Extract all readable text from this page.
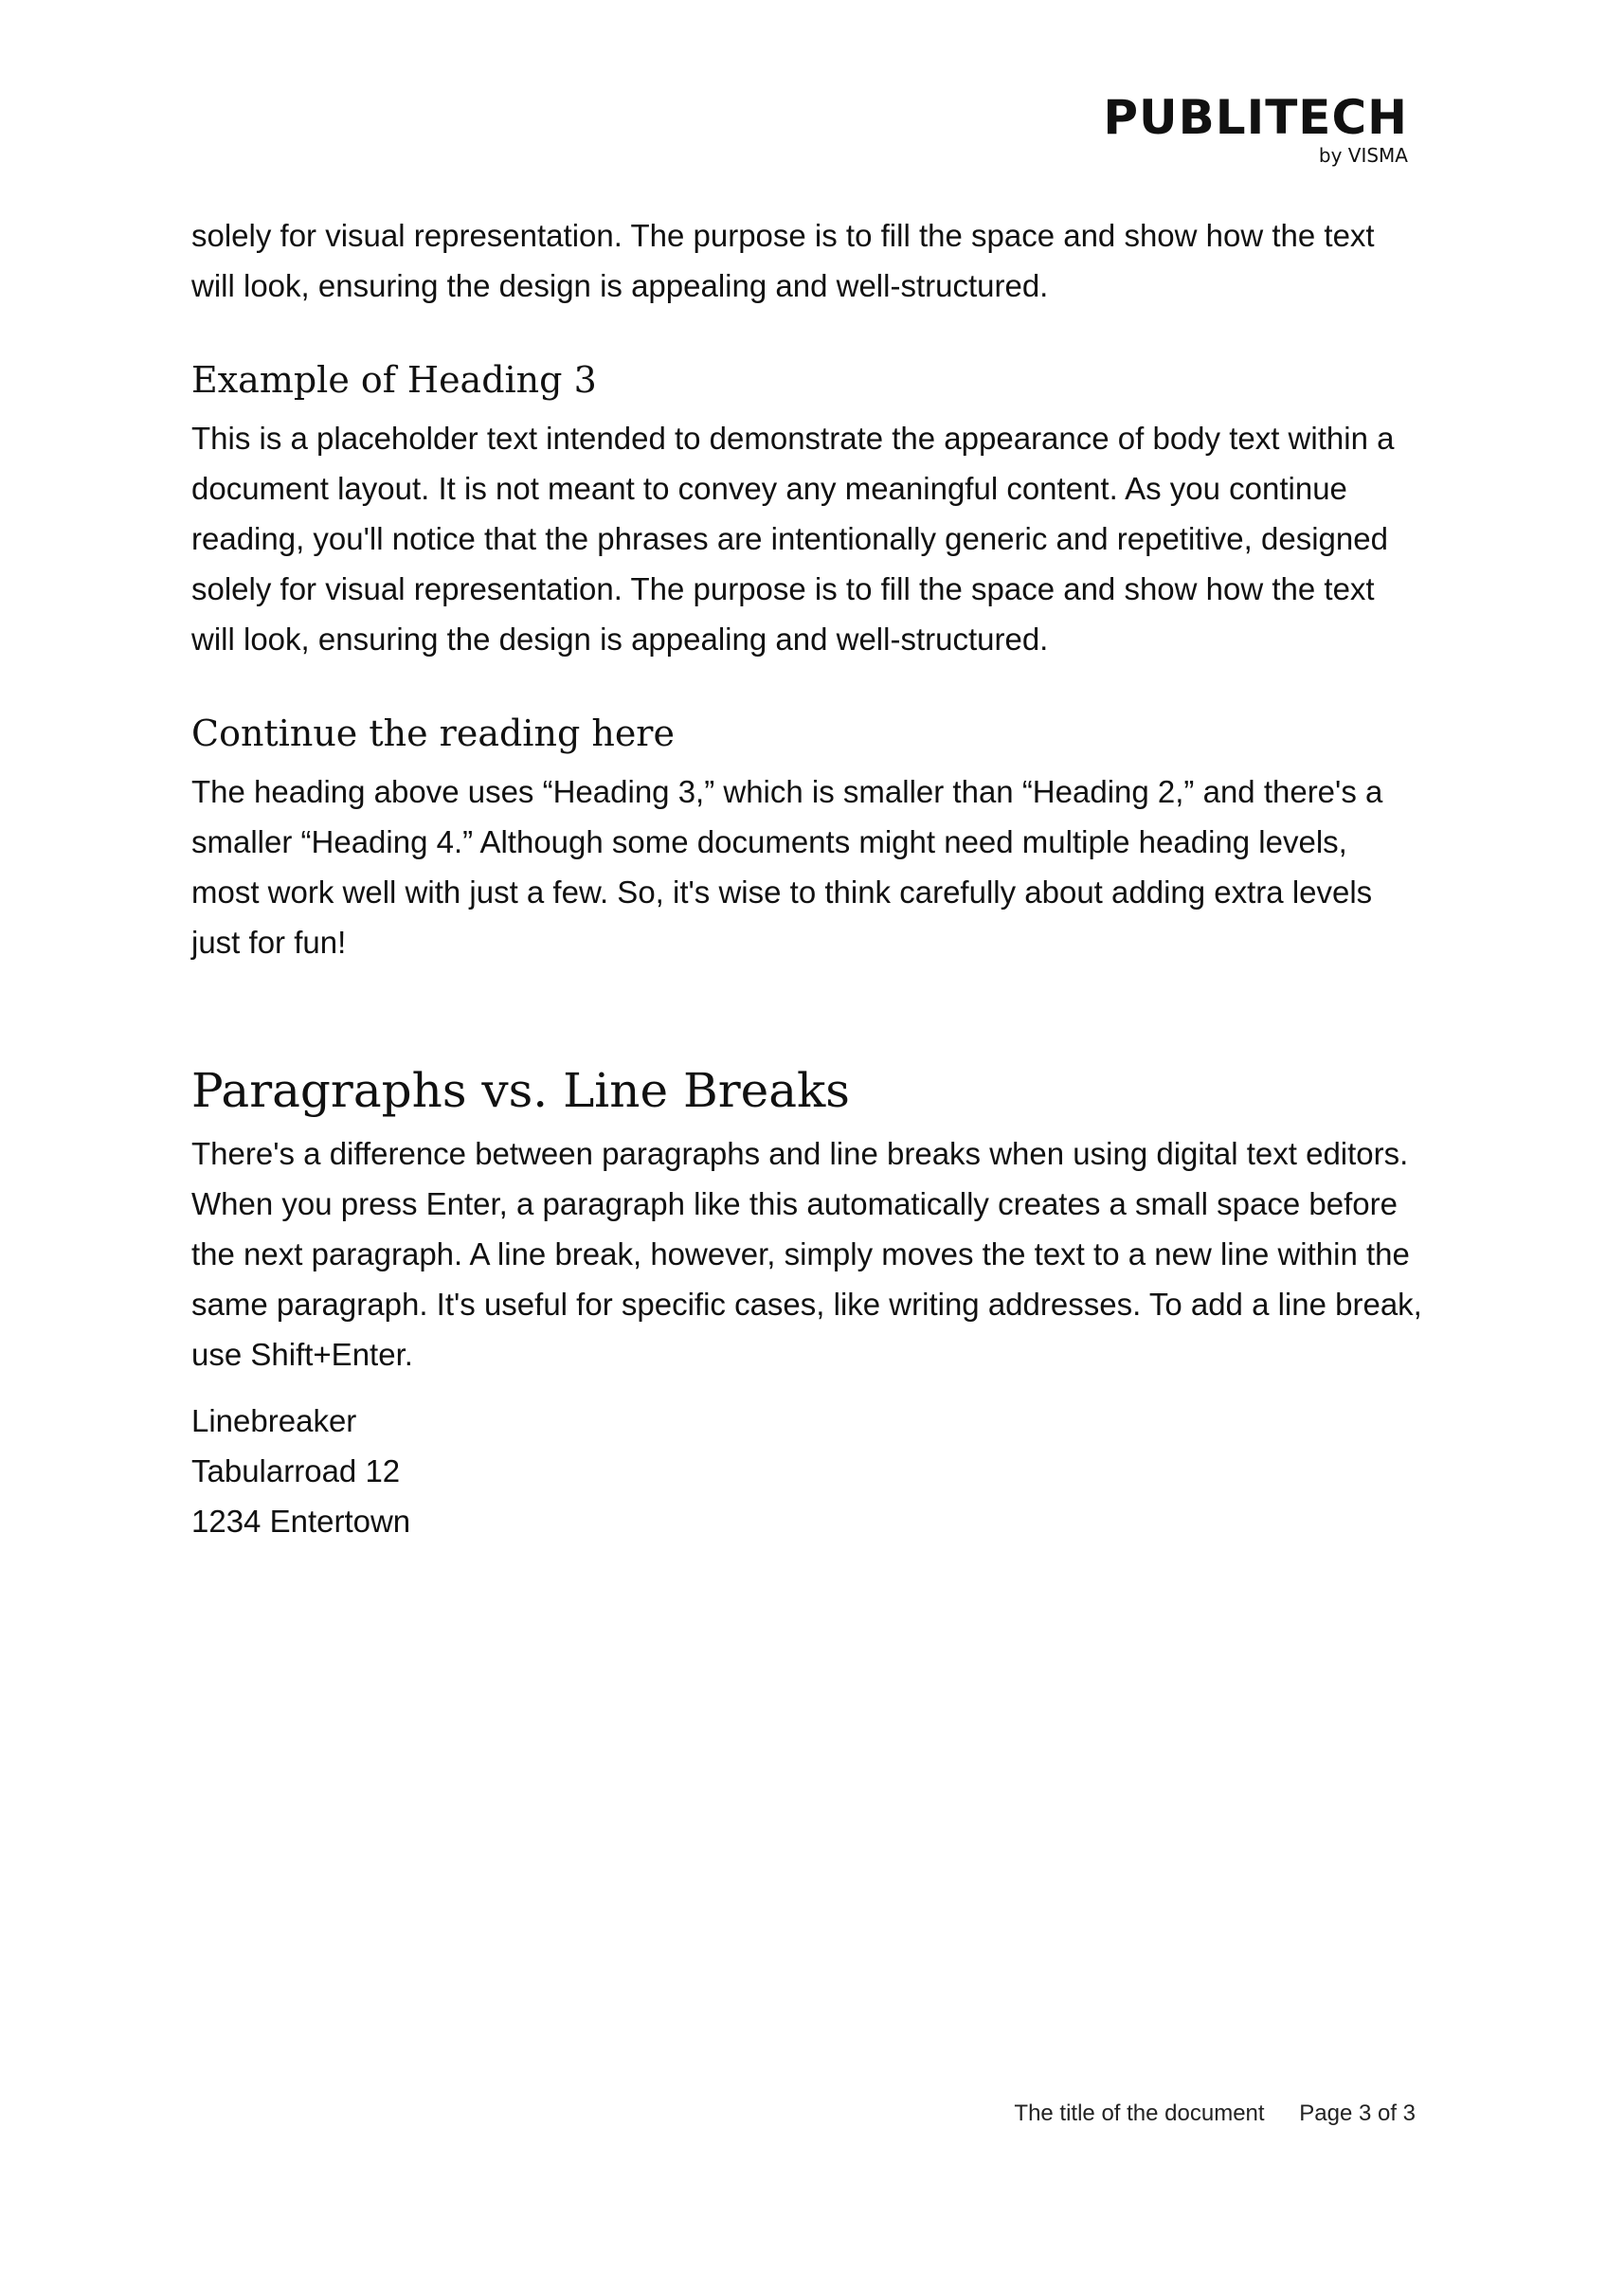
PUBLITECH
by VISMA

solely for visual representation. The purpose is to fill the space and show how the text will look, ensuring the design is appealing and well-structured.

Example of Heading 3

This is a placeholder text intended to demonstrate the appearance of body text within a document layout. It is not meant to convey any meaningful content. As you continue reading, you'll notice that the phrases are intentionally generic and repetitive, designed solely for visual representation. The purpose is to fill the space and show how the text will look, ensuring the design is appealing and well-structured.

Continue the reading here

The heading above uses “Heading 3,” which is smaller than “Heading 2,” and there's a smaller “Heading 4.” Although some documents might need multiple heading levels, most work well with just a few. So, it's wise to think carefully about adding extra levels just for fun!

Paragraphs vs. Line Breaks

There's a difference between paragraphs and line breaks when using digital text editors. When you press Enter, a paragraph like this automatically creates a small space before the next paragraph. A line break, however, simply moves the text to a new line within the same paragraph. It's useful for specific cases, like writing addresses. To add a line break, use Shift+Enter.

Linebreaker
Tabularroad 12
1234 Entertown
The title of the document Page 3 of 3
